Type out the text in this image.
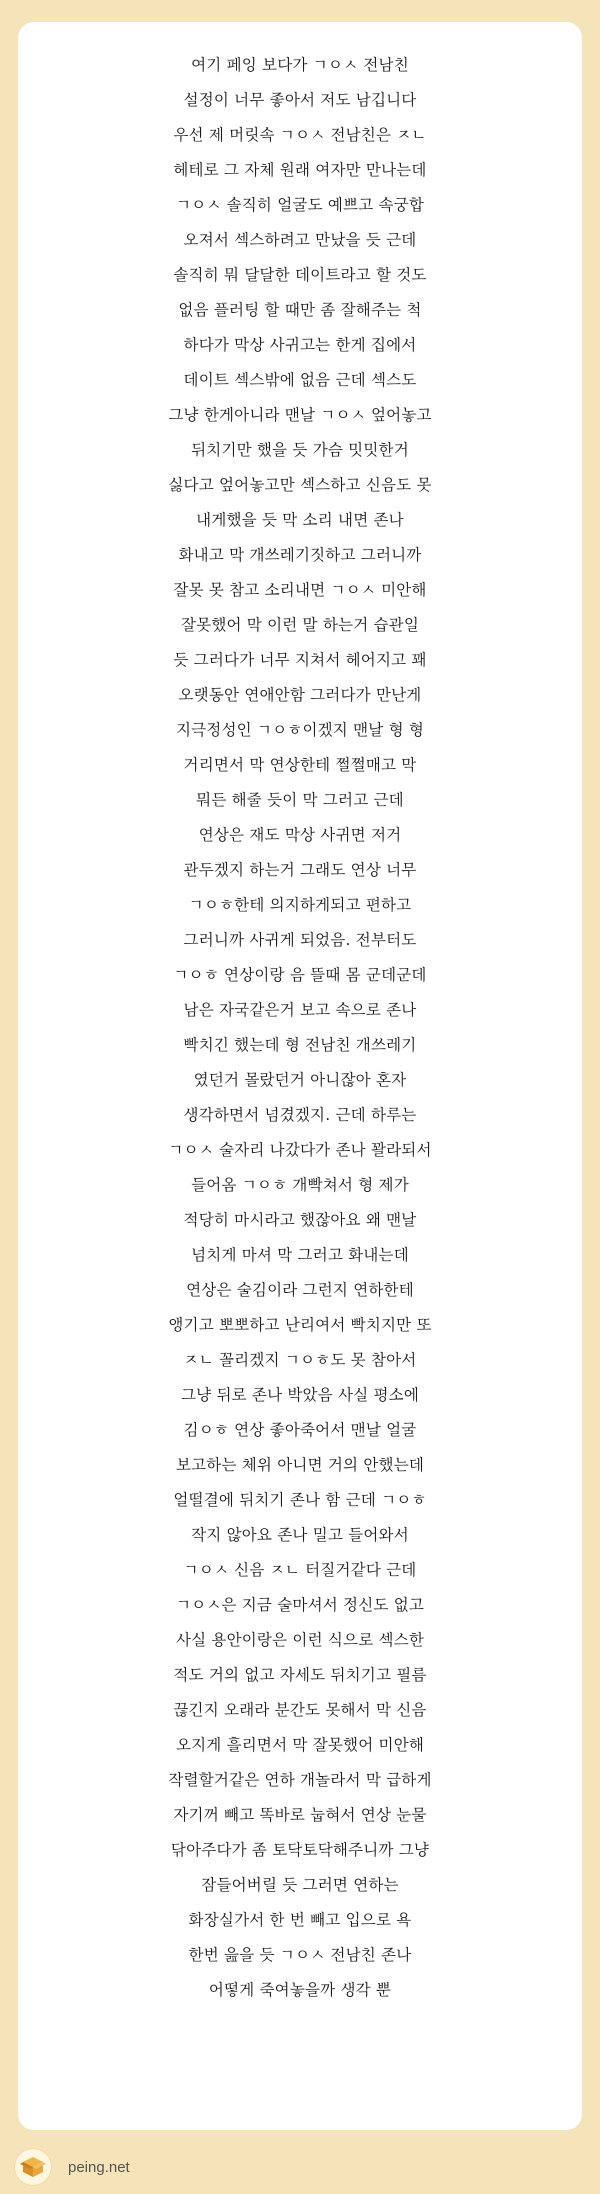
여기 페잉 보다가 ㄱㅇㅅ 전남친
설정이 너무 좋아서 저도 남깁니다
우선 제 머릿속 ㄱㅇㅅ 전남친은 ㅈㄴ
헤테로 그 자체 원래 여자만 만나는데
ㄱㅇㅅ 솔직히 얼굴도 예쁘고 속궁합
오져서 섹스하려고 만났을 듯 근데
솔직히 뭐 달달한 데이트라고 할 것도
없음 플러팅 할 때만 좀 잘해주는 척
하다가 막상 사귀고는 한게 집에서
데이트 섹스밖에 없음 근데 섹스도
그냥 한게아니라 맨날 ㄱㅇㅅ 엎어놓고
뒤치기만 했을 듯 가슴 밋밋한거
싫다고 엎어놓고만 섹스하고 신음도 못
내게했을 듯 막 소리 내면 존나
화내고 막 개쓰레기짓하고 그러니까
잘못 못 참고 소리내면 ㄱㅇㅅ 미안해
잘못했어 막 이런 말 하는거 습관일
듯 그러다가 너무 지쳐서 헤어지고 꽤
오랫동안 연애안함 그러다가 만난게
지극정성인 ㄱㅇㅎ이겠지 맨날 형 형
거리면서 막 연상한테 쩔쩔매고 막
뭐든 해줄 듯이 막 그러고 근데
연상은 재도 막상 사귀면 저거
관두겠지 하는거 그래도 연상 너무
ㄱㅇㅎ한테 의지하게되고 편하고
그러니까 사귀게 되었음. 전부터도
ㄱㅇㅎ 연상이랑 음 뜰때 몸 군데군데
남은 자국같은거 보고 속으로 존나
빡치긴 했는데 형 전남친 개쓰레기
였던거 몰랐던거 아니잖아 혼자
생각하면서 넘겼겠지. 근데 하루는
ㄱㅇㅅ 술자리 나갔다가 존나 꽐라되서
들어옴 ㄱㅇㅎ 개빡쳐서 형 제가
적당히 마시라고 했잖아요 왜 맨날
넘치게 마셔 막 그러고 화내는데
연상은 술김이라 그런지 연하한테
앵기고 뽀뽀하고 난리여서 빡치지만 또
ㅈㄴ 꼴리겠지 ㄱㅇㅎ도 못 참아서
그냥 뒤로 존나 박았음 사실 평소에
김ㅇㅎ 연상 좋아죽어서 맨날 얼굴
보고하는 체위 아니면 거의 안했는데
얼떨결에 뒤치기 존나 함 근데 ㄱㅇㅎ
작지 않아요 존나 밀고 들어와서
ㄱㅇㅅ 신음 ㅈㄴ 터질거같다 근데
ㄱㅇㅅ은 지금 술마셔서 정신도 없고
사실 용안이랑은 이런 식으로 섹스한
적도 거의 없고 자세도 뒤치기고 필름
끊긴지 오래라 분간도 못해서 막 신음
오지게 흘리면서 막 잘못했어 미안해
작렬할거같은 연하 개놀라서 막 급하게
자기꺼 빼고 똑바로 눕혀서 연상 눈물
닦아주다가 좀 토닥토닥해주니까 그냥
잠들어버릴 듯 그러면 연하는
화장실가서 한 번 빼고 입으로 욕
한번 읊을 듯 ㄱㅇㅅ 전남친 존나
어떻게 죽여놓을까 생각 뿐
peing.net
